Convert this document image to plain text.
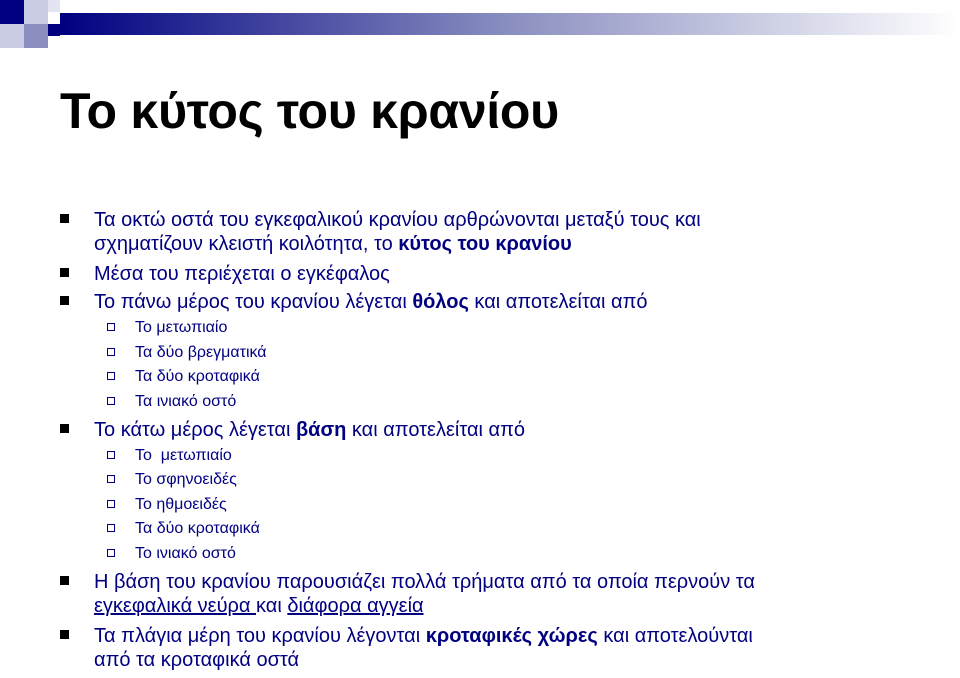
Το κύτος του κρανίου
Τα οκτώ οστά του εγκεφαλικού κρανίου αρθρώνονται μεταξύ τους και
σχηματίζουν κλειστή κοιλότητα, το κύτος του κρανίου
Μέσα του περιέχεται ο εγκέφαλος
Το πάνω μέρος του κρανίου λέγεται θόλος και αποτελείται από
Το μετωπιαίο
Τα δύο βρεγματικά
Τα δύο κροταφικά
Τα ινιακό οστό
Το κάτω μέρος λέγεται βάση και αποτελείται από
Το  μετωπιαίο
Το σφηνοειδές
Το ηθμοειδές
Τα δύο κροταφικά
Το ινιακό οστό
Η βάση του κρανίου παρουσιάζει πολλά τρήματα από τα οποία περνούν τα
εγκεφαλικά νεύρα και διάφορα αγγεία
Τα πλάγια μέρη του κρανίου λέγονται κροταφικές χώρες και αποτελούνται
από τα κροταφικά οστά
